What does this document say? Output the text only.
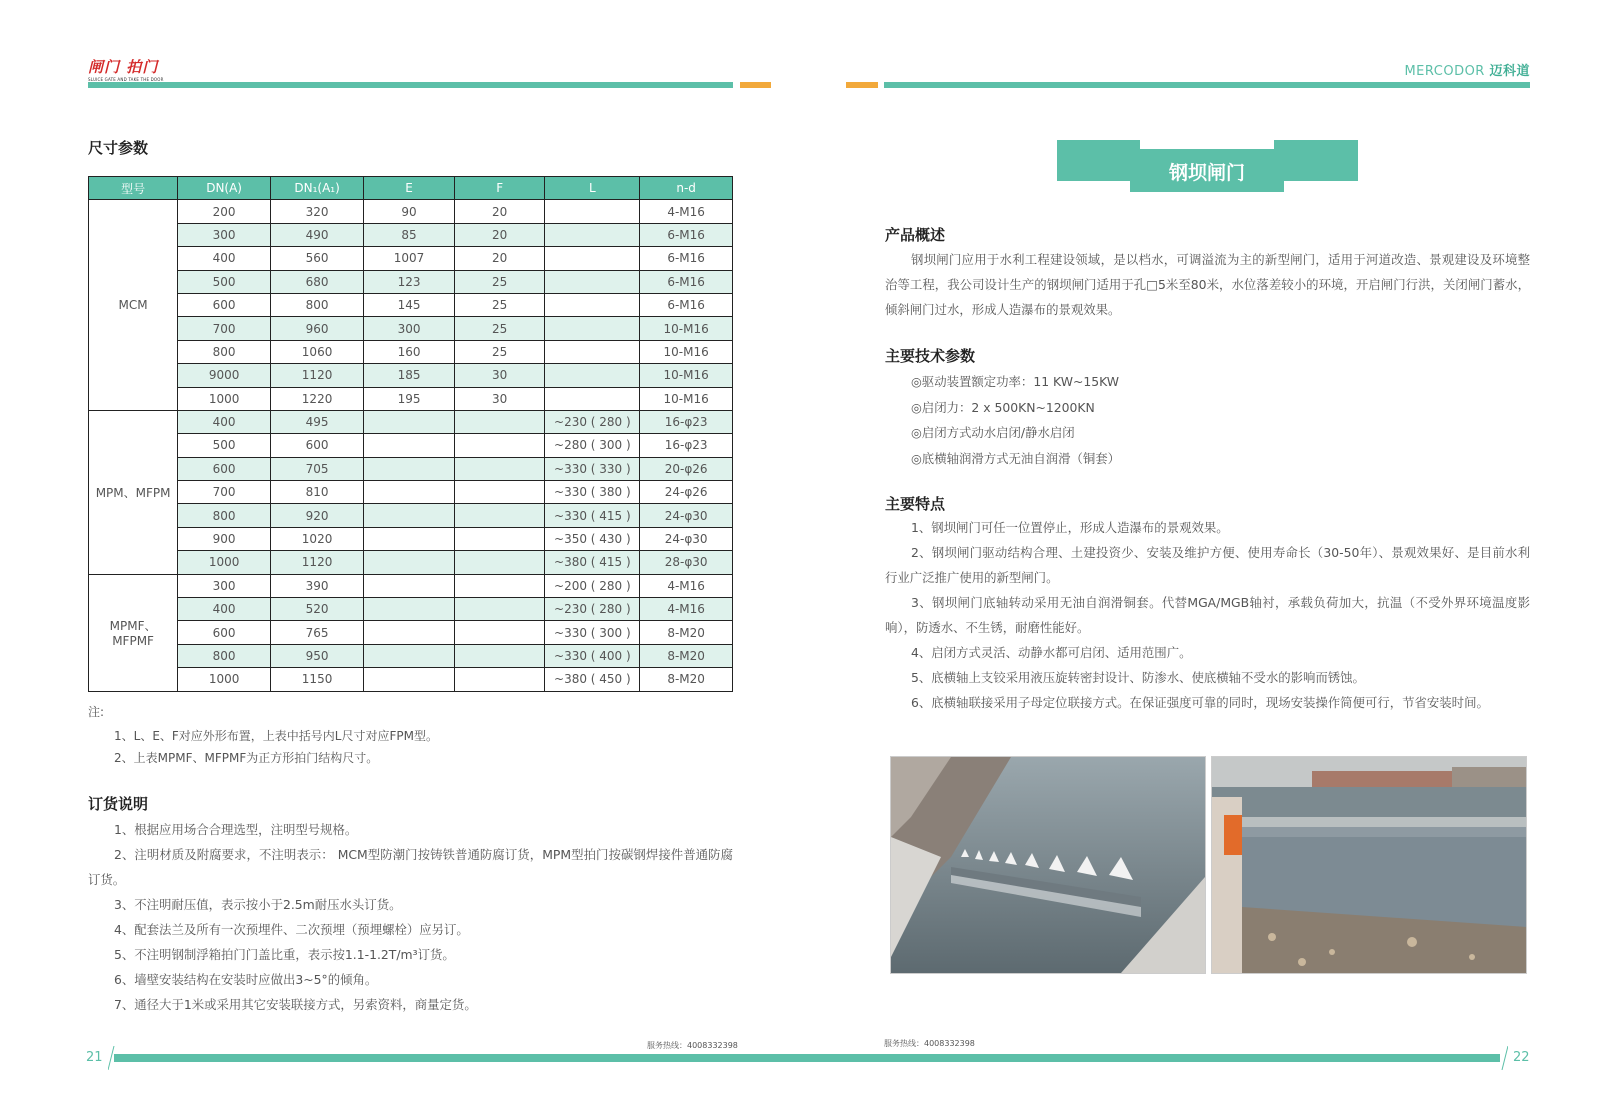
闸门 拍门
SLUICE GATE AND TAKE THE DOOR
MERCODOR 迈科道
尺寸参数
型号	DN(A)	DN₁(A₁)	E	F	L	n-d
MCM	200	320	90	20		4-M16
	300	490	85	20		6-M16
	400	560	1007	20		6-M16
	500	680	123	25		6-M16
	600	800	145	25		6-M16
	700	960	300	25		10-M16
	800	1060	160	25		10-M16
	9000	1120	185	30		10-M16
	1000	1220	195	30		10-M16
MPM、MFPM	400	495			~230 ( 280 )	16-φ23
	500	600			~280 ( 300 )	16-φ23
	600	705			~330 ( 330 )	20-φ26
	700	810			~330 ( 380 )	24-φ26
	800	920			~330 ( 415 )	24-φ30
	900	1020			~350 ( 430 )	24-φ30
	1000	1120			~380 ( 415 )	28-φ30
MPMF、
MFPMF	300	390			~200 ( 280 )	4-M16
	400	520			~230 ( 280 )	4-M16
	600	765			~330 ( 300 )	8-M20
	800	950			~330 ( 400 )	8-M20
	1000	1150			~380 ( 450 )	8-M20
注:
1、L、E、F对应外形布置，上表中括号内L尺寸对应FPM型。
2、上表MPMF、MFPMF为正方形拍门结构尺寸。
订货说明
1、根据应用场合合理选型，注明型号规格。
2、注明材质及附腐要求，不注明表示： MCM型防潮门按铸铁普通防腐订货，MPM型拍门按碳钢焊接件普通防腐订货。
3、不注明耐压值，表示按小于2.5m耐压水头订货。
4、配套法兰及所有一次预埋件、二次预埋（预埋螺栓）应另订。
5、不注明钢制浮箱拍门门盖比重，表示按1.1-1.2T/m³订货。
6、墙壁安装结构在安装时应做出3~5°的倾角。
7、通径大于1米或采用其它安装联接方式，另索资料，商量定货。
钢坝闸门
产品概述
钢坝闸门应用于水利工程建设领域，是以档水，可调溢流为主的新型闸门，适用于河道改造、景观建设及环境整治等工程，我公司设计生产的钢坝闸门适用于孔□5米至80米，水位落差较小的环境，开启闸门行洪，关闭闸门蓄水，倾斜闸门过水，形成人造瀑布的景观效果。
主要技术参数
◎驱动装置额定功率：11 KW~15KW
◎启闭力：2 x 500KN~1200KN
◎启闭方式动水启闭/静水启闭
◎底横轴润滑方式无油自润滑（铜套）
主要特点
1、钢坝闸门可任一位置停止，形成人造瀑布的景观效果。
2、钢坝闸门驱动结构合理、土建投资少、安装及维护方便、使用寿命长（30-50年）、景观效果好、是目前水利行业广泛推广使用的新型闸门。
3、钢坝闸门底轴转动采用无油自润滑铜套。代替MGA/MGB轴衬，承载负荷加大，抗温（不受外界环境温度影响），防透水、不生锈，耐磨性能好。
4、启闭方式灵活、动静水都可启闭、适用范围广。
5、底横轴上支铰采用液压旋转密封设计、防渗水、使底横轴不受水的影响而锈蚀。
6、底横轴联接采用子母定位联接方式。在保证强度可靠的同时，现场安装操作简便可行，节省安装时间。
服务热线：4008332398	服务热线：4008332398
21	22
